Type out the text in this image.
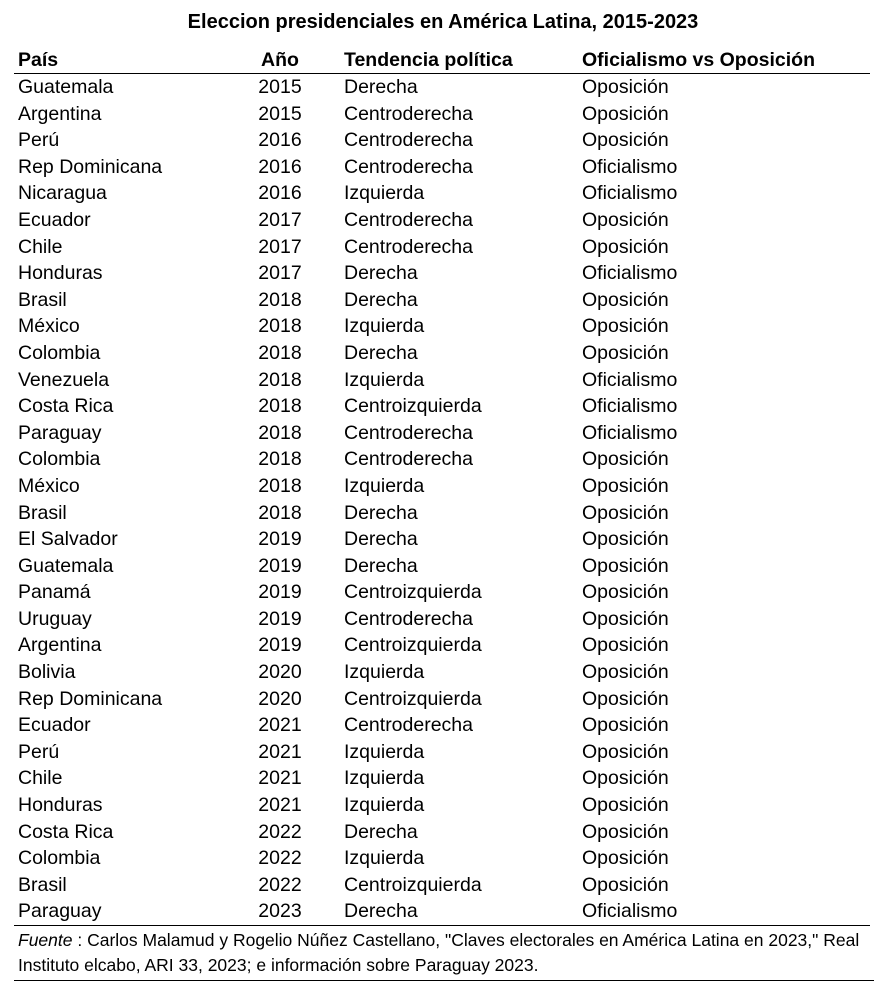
Eleccion presidenciales en América Latina, 2015-2023
País	Año	Tendencia política	Oficialismo vs Oposición
Guatemala	2015	Derecha	Oposición
Argentina	2015	Centroderecha	Oposición
Perú	2016	Centroderecha	Oposición
Rep Dominicana	2016	Centroderecha	Oficialismo
Nicaragua	2016	Izquierda	Oficialismo
Ecuador	2017	Centroderecha	Oposición
Chile	2017	Centroderecha	Oposición
Honduras	2017	Derecha	Oficialismo
Brasil	2018	Derecha	Oposición
México	2018	Izquierda	Oposición
Colombia	2018	Derecha	Oposición
Venezuela	2018	Izquierda	Oficialismo
Costa Rica	2018	Centroizquierda	Oficialismo
Paraguay	2018	Centroderecha	Oficialismo
Colombia	2018	Centroderecha	Oposición
México	2018	Izquierda	Oposición
Brasil	2018	Derecha	Oposición
El Salvador	2019	Derecha	Oposición
Guatemala	2019	Derecha	Oposición
Panamá	2019	Centroizquierda	Oposición
Uruguay	2019	Centroderecha	Oposición
Argentina	2019	Centroizquierda	Oposición
Bolivia	2020	Izquierda	Oposición
Rep Dominicana	2020	Centroizquierda	Oposición
Ecuador	2021	Centroderecha	Oposición
Perú	2021	Izquierda	Oposición
Chile	2021	Izquierda	Oposición
Honduras	2021	Izquierda	Oposición
Costa Rica	2022	Derecha	Oposición
Colombia	2022	Izquierda	Oposición
Brasil	2022	Centroizquierda	Oposición
Paraguay	2023	Derecha	Oficialismo
Fuente : Carlos Malamud y Rogelio Núñez Castellano, "Claves electorales en América Latina en 2023," Real Instituto elcabo, ARI 33, 2023; e información sobre Paraguay 2023.
